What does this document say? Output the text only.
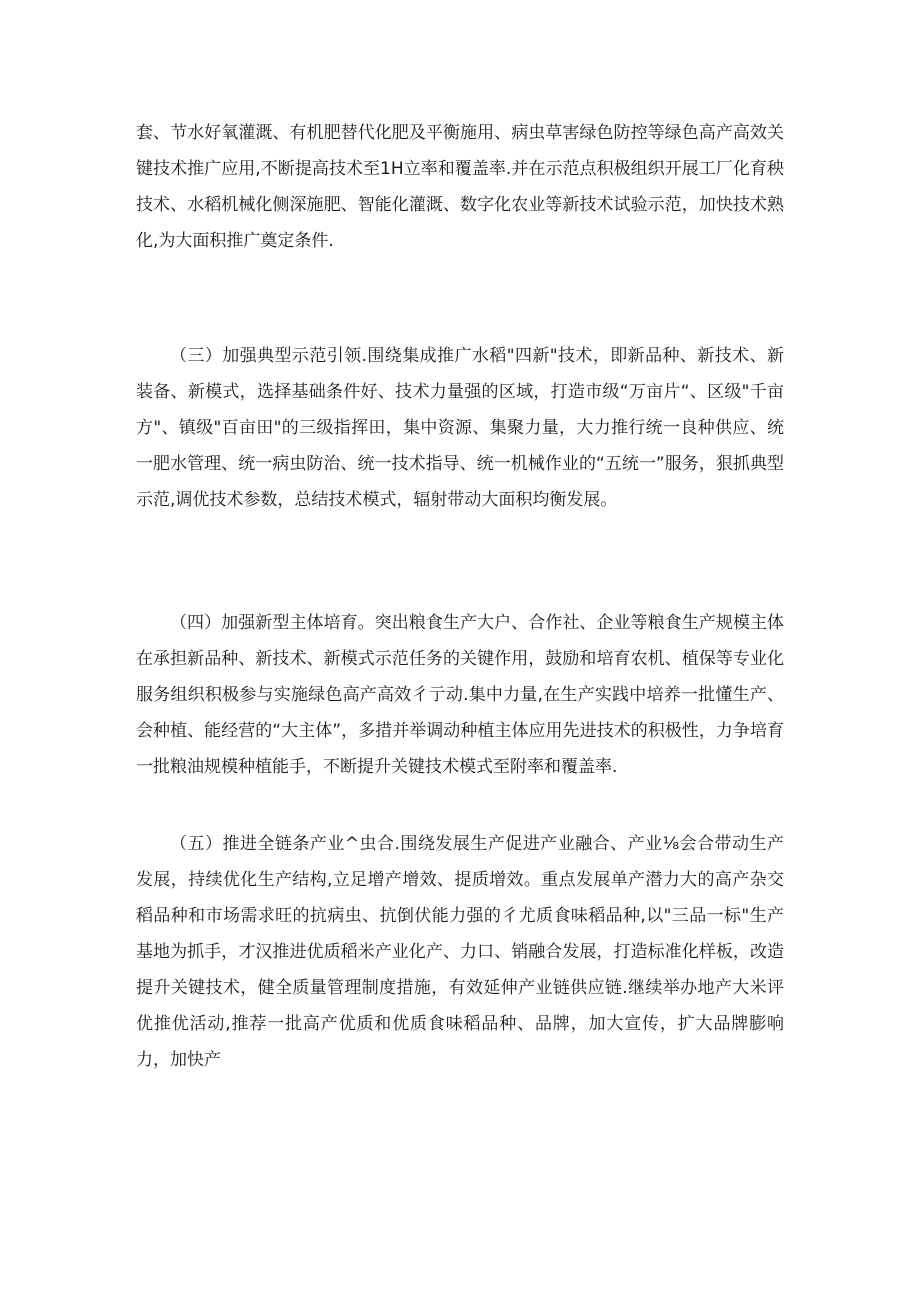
套、节水好氧灌溉、有机肥替代化肥及平衡施用、病虫草害绿色防控等绿色高产高效关键技术推广应用,不断提高技术至1H立率和覆盖率.并在示范点积极组织开展工厂化育秧技术、水稻机械化侧深施肥、智能化灌溉、数字化农业等新技术试验示范，加快技术熟化,为大面积推广奠定条件.

（三）加强典型示范引领.围绕集成推广水稻"四新"技术，即新品种、新技术、新装备、新模式，选择基础条件好、技术力量强的区域，打造市级“万亩片“、区级"千亩方"、镇级"百亩田"的三级指挥田，集中资源、集聚力量，大力推行统一良种供应、统一肥水管理、统一病虫防治、统一技术指导、统一机械作业的“五统一”服务，狠抓典型示范,调优技术参数，总结技术模式，辐射带动大面积均衡发展。

（四）加强新型主体培育。突出粮食生产大户、合作社、企业等粮食生产规模主体在承担新品种、新技术、新模式示范任务的关键作用，鼓励和培育农机、植保等专业化服务组织积极参与实施绿色高产高效彳亍动.集中力量,在生产实践中培养一批懂生产、会种植、能经营的“大主体”，多措并举调动种植主体应用先进技术的积极性，力争培育一批粮油规模种植能手，不断提升关键技术模式至附率和覆盖率.

（五）推进全链条产业^虫合.围绕发展生产促进产业融合、产业⅛会合带动生产发展，持续优化生产结构,立足增产增效、提质增效。重点发展单产潜力大的高产杂交稻品种和市场需求旺的抗病虫、抗倒伏能力强的彳尤质食味稻品种,以"三品一标"生产基地为抓手，才汉推进优质稻米产业化产、力口、销融合发展，打造标准化样板，改造提升关键技术，健全质量管理制度措施，有效延伸产业链供应链.继续举办地产大米评优推优活动,推荐一批高产优质和优质食味稻品种、品牌，加大宣传，扩大品牌膨响力，加快产
